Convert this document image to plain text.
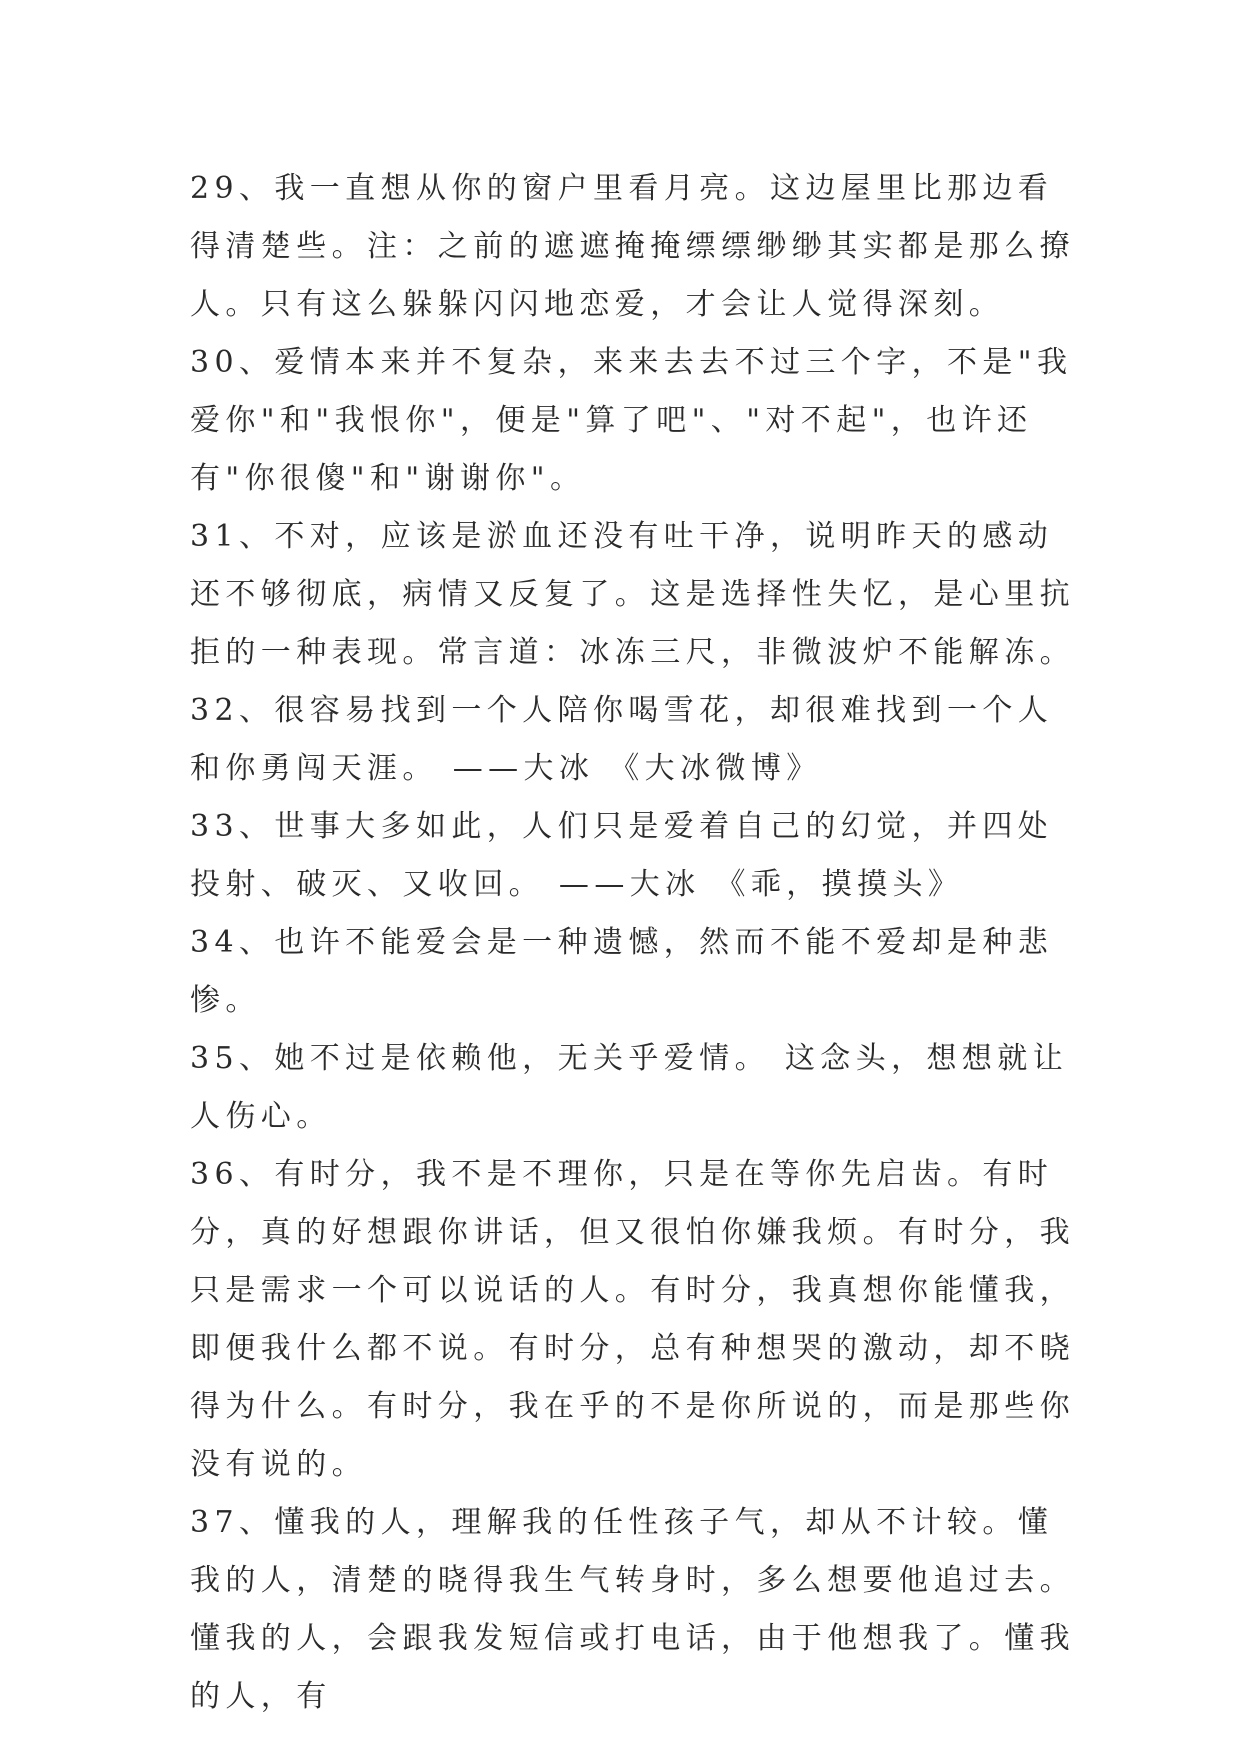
29、我一直想从你的窗户里看月亮。这边屋里比那边看得清楚些。注：之前的遮遮掩掩缥缥缈缈其实都是那么撩人。只有这么躲躲闪闪地恋爱，才会让人觉得深刻。

30、爱情本来并不复杂，来来去去不过三个字，不是"我爱你"和"我恨你"，便是"算了吧"、"对不起"，也许还有"你很傻"和"谢谢你"。

31、不对，应该是淤血还没有吐干净，说明昨天的感动还不够彻底，病情又反复了。这是选择性失忆，是心里抗拒的一种表现。常言道：冰冻三尺，非微波炉不能解冻。

32、很容易找到一个人陪你喝雪花，却很难找到一个人和你勇闯天涯。 ——大冰 《大冰微博》

33、世事大多如此，人们只是爱着自己的幻觉，并四处投射、破灭、又收回。 ——大冰 《乖，摸摸头》

34、也许不能爱会是一种遗憾，然而不能不爱却是种悲惨。

35、她不过是依赖他，无关乎爱情。 这念头，想想就让人伤心。

36、有时分，我不是不理你，只是在等你先启齿。有时分，真的好想跟你讲话，但又很怕你嫌我烦。有时分，我只是需求一个可以说话的人。有时分，我真想你能懂我，即便我什么都不说。有时分，总有种想哭的激动，却不晓得为什么。有时分，我在乎的不是你所说的，而是那些你没有说的。

37、懂我的人，理解我的任性孩子气，却从不计较。懂我的人，清楚的晓得我生气转身时，多么想要他追过去。懂我的人，会跟我发短信或打电话，由于他想我了。懂我的人，有
